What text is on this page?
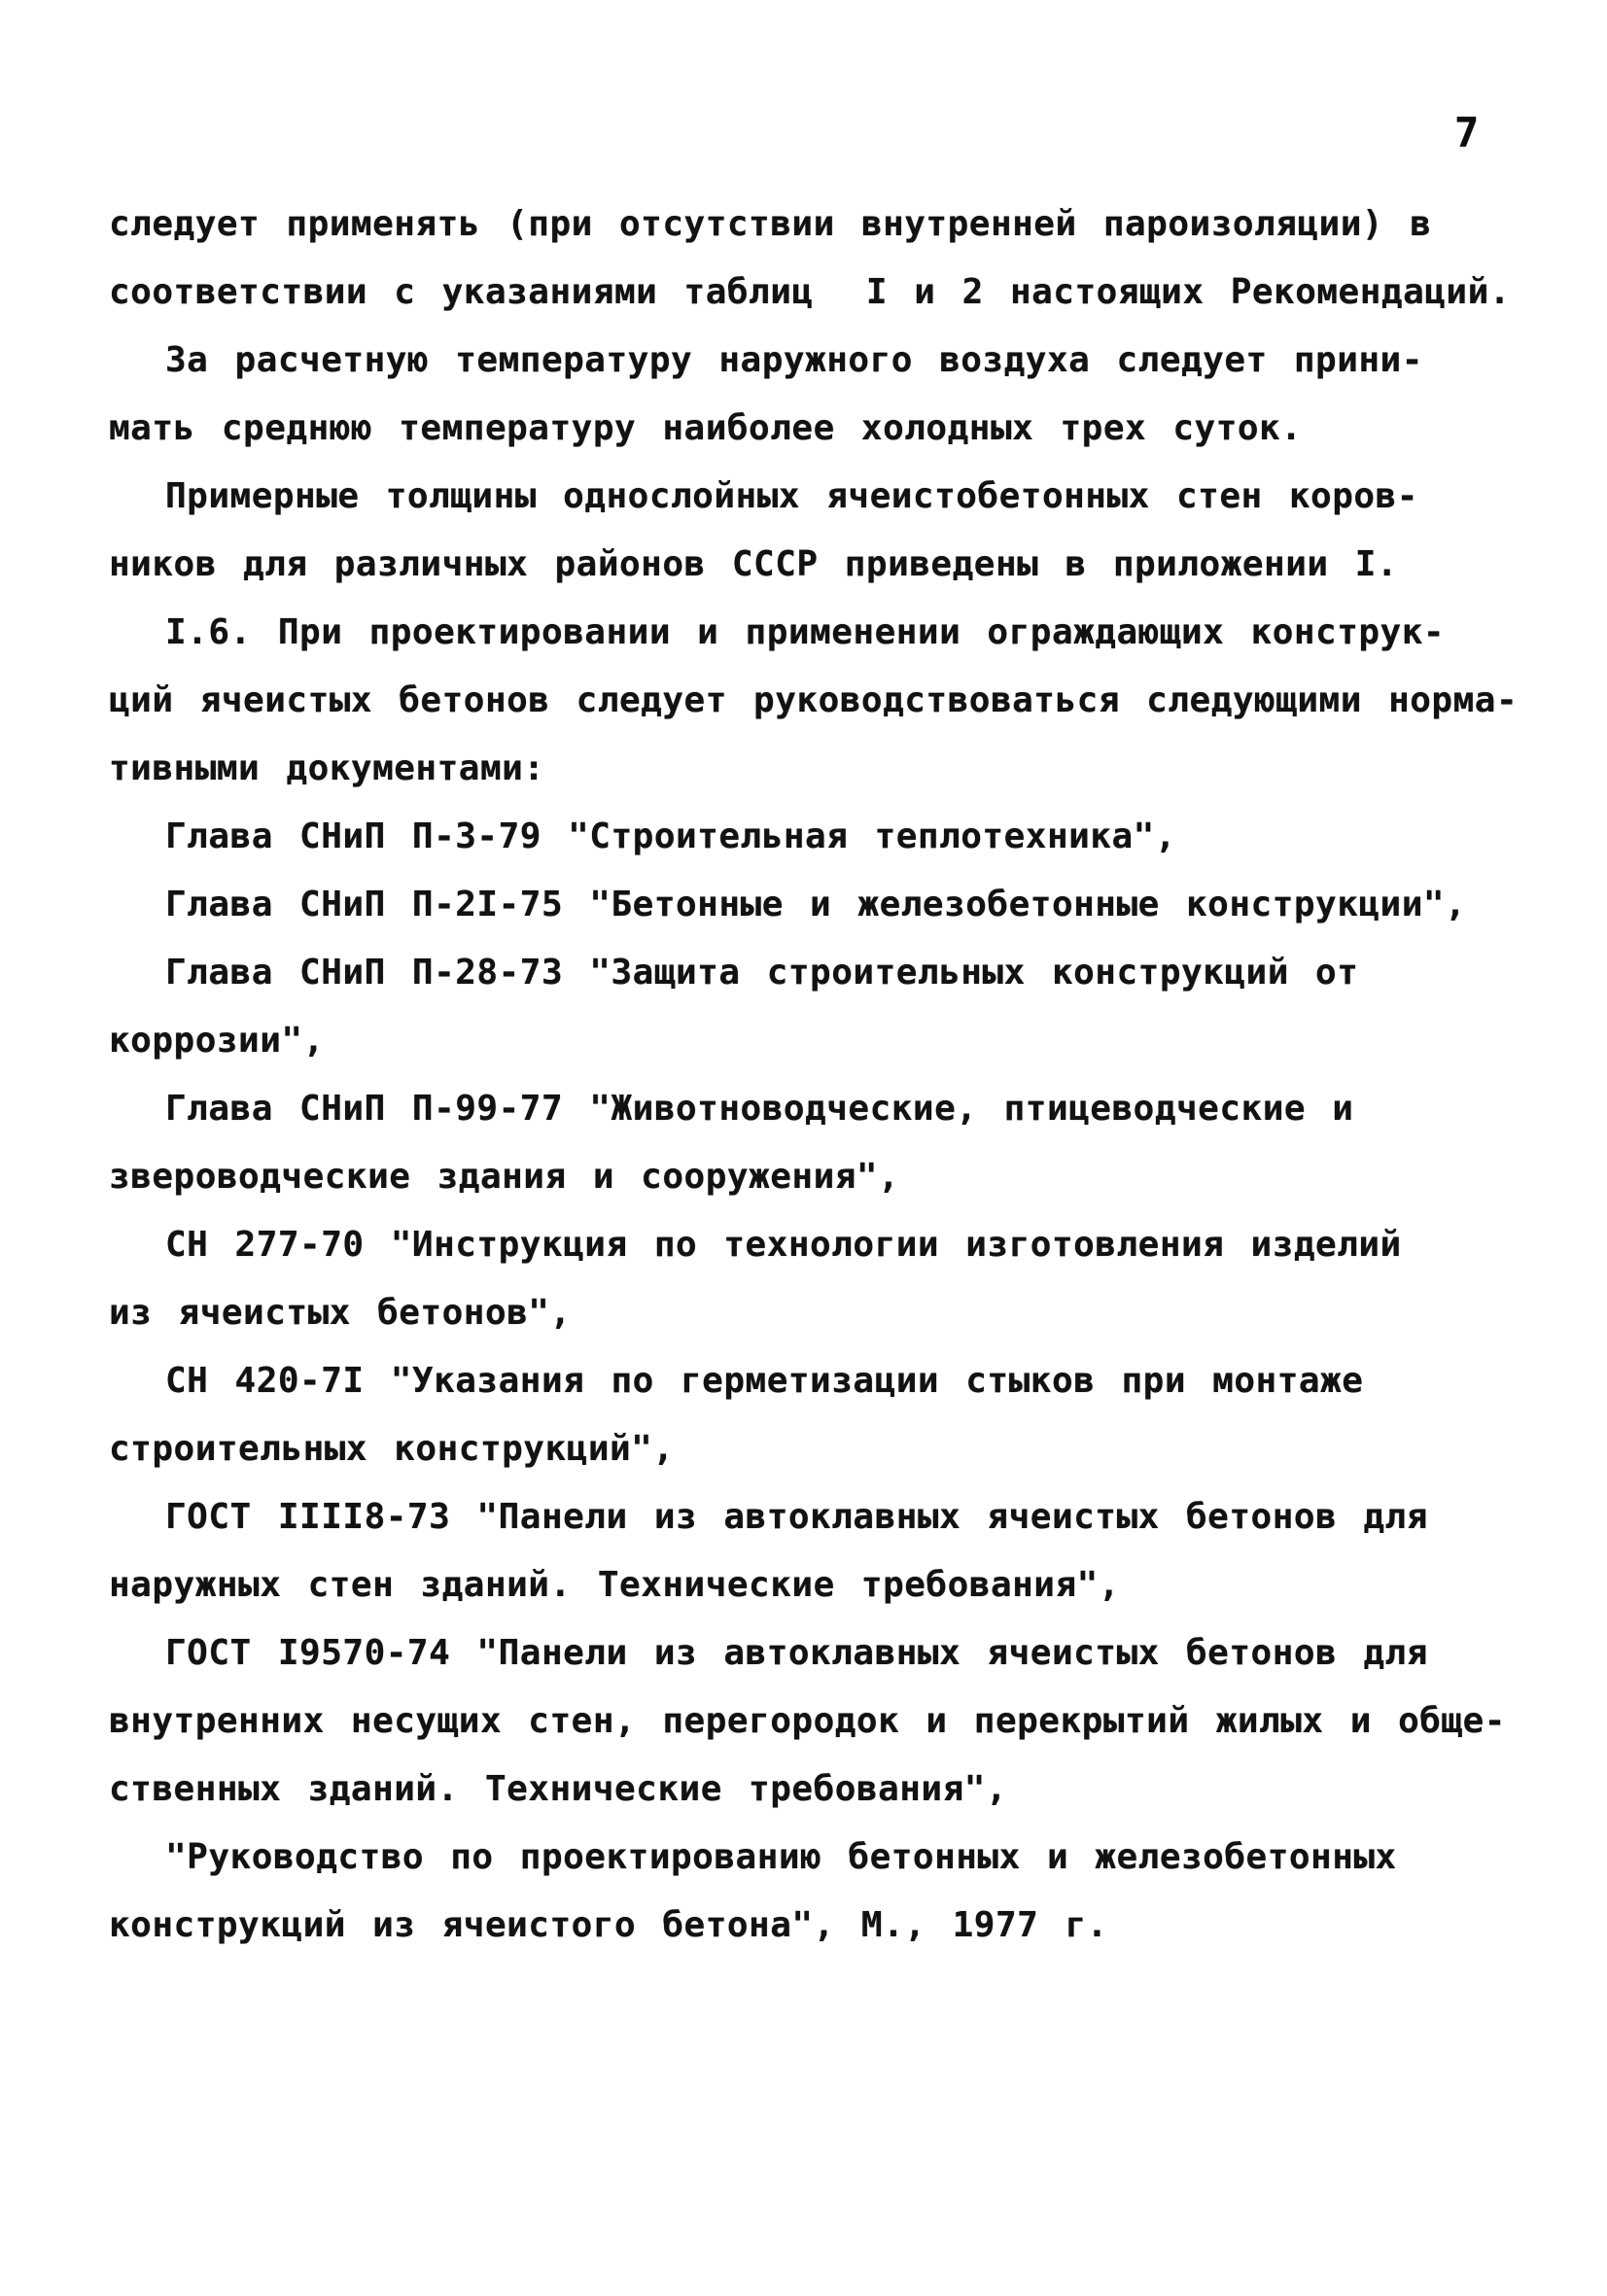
7
следует применять (при отсутствии внутренней пароизоляции) в
соответствии с указаниями таблиц  I и 2 настоящих Рекомендаций.
За расчетную температуру наружного воздуха следует прини-
мать среднюю температуру наиболее холодных трех суток.
Примерные толщины однослойных ячеистобетонных стен коров-
ников для различных районов СССР приведены в приложении I.
I.6. При проектировании и применении ограждающих конструк-
ций ячеистых бетонов следует руководствоваться следующими норма-
тивными документами:
Глава СНиП П-3-79 "Строительная теплотехника",
Глава СНиП П-2I-75 "Бетонные и железобетонные конструкции",
Глава СНиП П-28-73 "Защита строительных конструкций от
коррозии",
Глава СНиП П-99-77 "Животноводческие, птицеводческие и
звероводческие здания и сооружения",
СН 277-70 "Инструкция по технологии изготовления изделий
из ячеистых бетонов",
СН 420-7I "Указания по герметизации стыков при монтаже
строительных конструкций",
ГОСТ IIII8-73 "Панели из автоклавных ячеистых бетонов для
наружных стен зданий. Технические требования",
ГОСТ I9570-74 "Панели из автоклавных ячеистых бетонов для
внутренних несущих стен, перегородок и перекрытий жилых и обще-
ственных зданий. Технические требования",
"Руководство по проектированию бетонных и железобетонных
конструкций из ячеистого бетона", М., 1977 г.
